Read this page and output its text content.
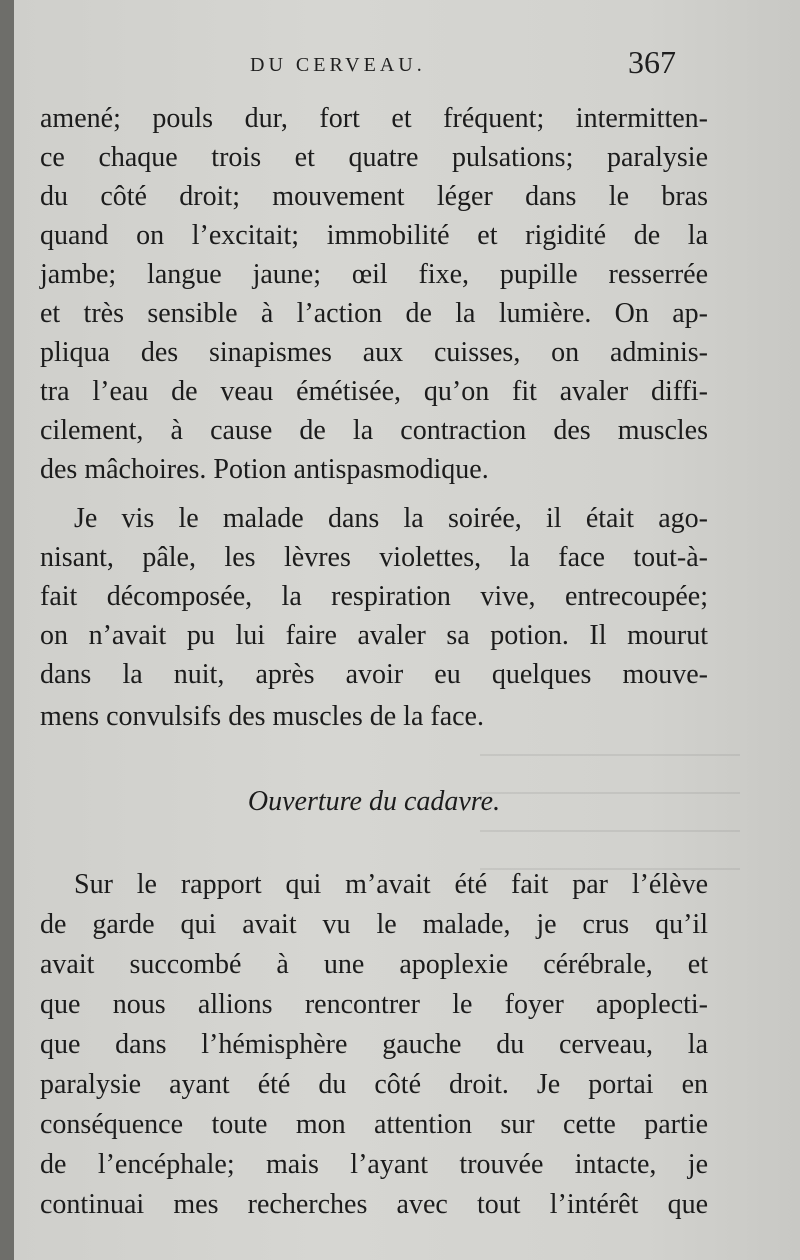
DU CERVEAU.	367
amené; pouls dur, fort et fréquent; intermitten-
ce chaque trois et quatre pulsations; paralysie
du côté droit; mouvement léger dans le bras
quand on l’excitait; immobilité et rigidité de la
jambe; langue jaune; œil fixe, pupille resserrée
et très sensible à l’action de la lumière. On ap-
pliqua des sinapismes aux cuisses, on adminis-
tra l’eau de veau émétisée, qu’on fit avaler diffi-
cilement, à cause de la contraction des muscles
des mâchoires. Potion antispasmodique.
Je vis le malade dans la soirée, il était ago-
nisant, pâle, les lèvres violettes, la face tout-à-
fait décomposée, la respiration vive, entrecoupée;
on n’avait pu lui faire avaler sa potion. Il mourut
dans la nuit, après avoir eu quelques mouve-
mens convulsifs des muscles de la face.
Ouverture du cadavre.
Sur le rapport qui m’avait été fait par l’élève
de garde qui avait vu le malade, je crus qu’il
avait succombé à une apoplexie cérébrale, et
que nous allions rencontrer le foyer apoplecti-
que dans l’hémisphère gauche du cerveau, la
paralysie ayant été du côté droit. Je portai en
conséquence toute mon attention sur cette partie
de l’encéphale; mais l’ayant trouvée intacte, je
continuai mes recherches avec tout l’intérêt que
